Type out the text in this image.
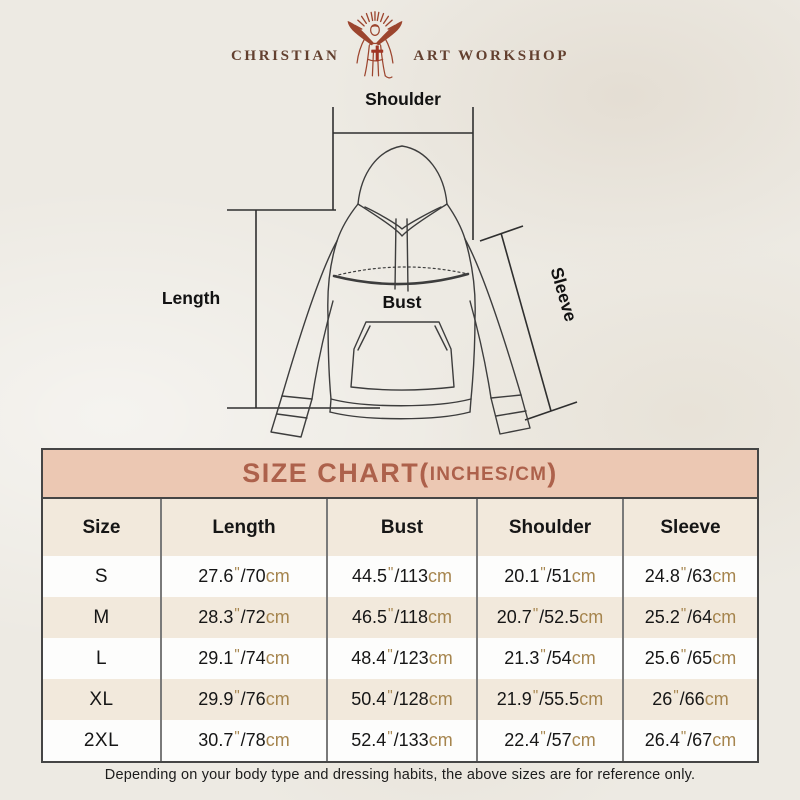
CHRISTIAN	ART WORKSHOP
Shoulder
Length	Bust	Sleeve
SIZE CHART( INCHES/CM )
Size	Length	Bust	Shoulder	Sleeve
S	27.6 " /70 cm	44.5 " /113 cm	20.1 " /51 cm	24.8 " /63 cm
M	28.3 " /72 cm	46.5 " /118 cm 20.7 " /52.5 cm 25.2 " /64 cm
L	29.1 " /74 cm	48.4 " /123 cm	21.3 " /54 cm	25.6 " /65 cm
XL	29.9 " /76 cm	50.4 " /128 cm 21.9 " /55.5 cm	26 " /66 cm
2XL	30.7 " /78 cm	52.4 " /133 cm	22.4 " /57 cm	26.4 " /67 cm
Depending on your body type and dressing habits, the above sizes are for reference only.
